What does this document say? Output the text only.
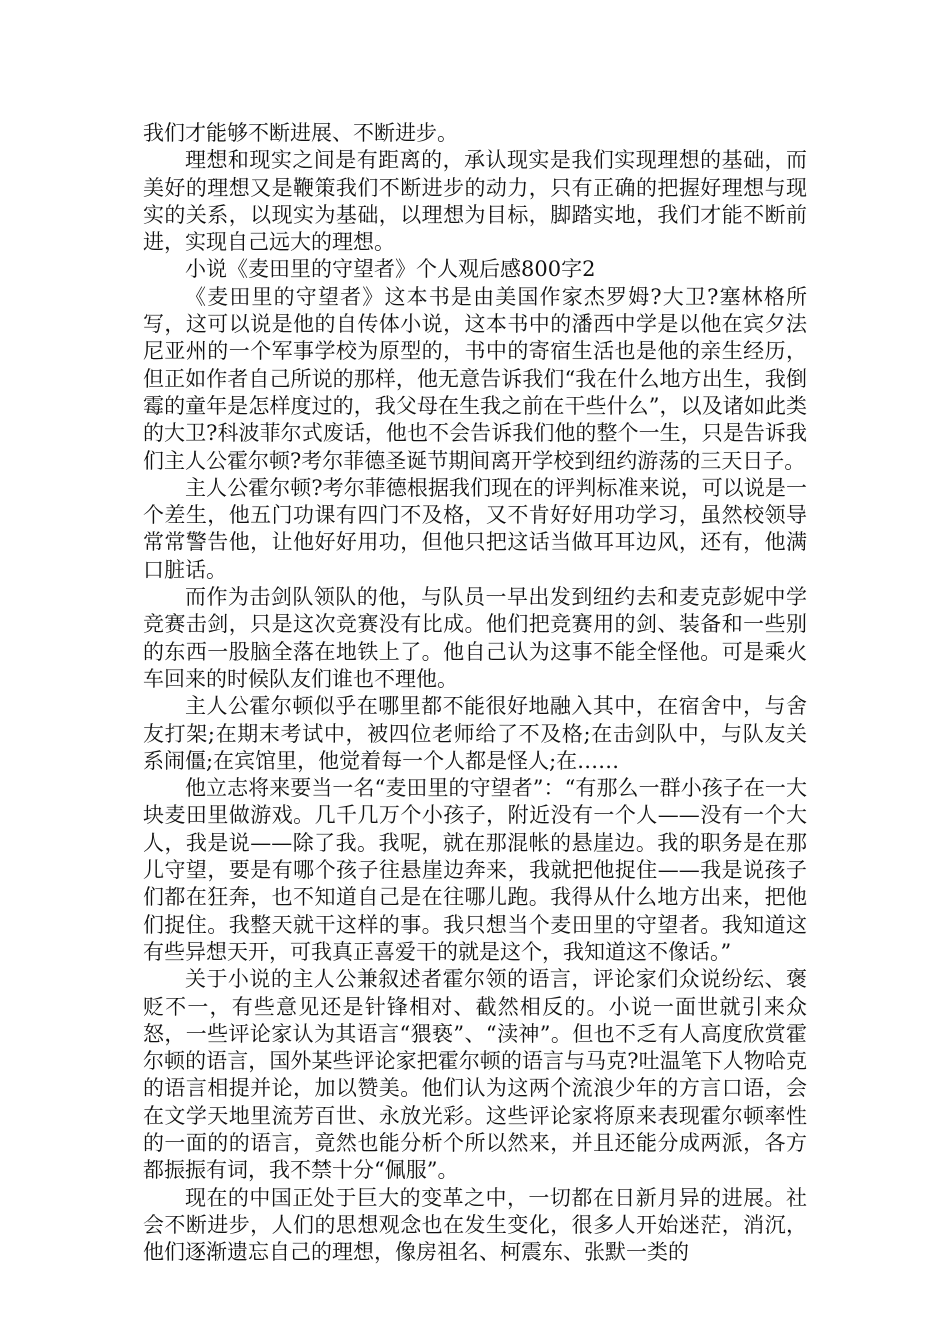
我们才能够不断进展、不断进步。

理想和现实之间是有距离的，承认现实是我们实现理想的基础，而美好的理想又是鞭策我们不断进步的动力，只有正确的把握好理想与现实的关系，以现实为基础，以理想为目标，脚踏实地，我们才能不断前进，实现自己远大的理想。

小说《麦田里的守望者》个人观后感800字2

《麦田里的守望者》这本书是由美国作家杰罗姆?大卫?塞林格所写，这可以说是他的自传体小说，这本书中的潘西中学是以他在宾夕法尼亚州的一个军事学校为原型的，书中的寄宿生活也是他的亲生经历，但正如作者自己所说的那样，他无意告诉我们“我在什么地方出生，我倒霉的童年是怎样度过的，我父母在生我之前在干些什么”，以及诸如此类的大卫?科波菲尔式废话，他也不会告诉我们他的整个一生，只是告诉我们主人公霍尔顿?考尔菲德圣诞节期间离开学校到纽约游荡的三天日子。

主人公霍尔顿?考尔菲德根据我们现在的评判标准来说，可以说是一个差生，他五门功课有四门不及格，又不肯好好用功学习，虽然校领导常常警告他，让他好好用功，但他只把这话当做耳耳边风，还有，他满口脏话。

而作为击剑队领队的他，与队员一早出发到纽约去和麦克彭妮中学竞赛击剑，只是这次竞赛没有比成。他们把竞赛用的剑、装备和一些别的东西一股脑全落在地铁上了。他自己认为这事不能全怪他。可是乘火车回来的时候队友们谁也不理他。

主人公霍尔顿似乎在哪里都不能很好地融入其中，在宿舍中，与舍友打架;在期末考试中，被四位老师给了不及格;在击剑队中，与队友关系闹僵;在宾馆里，他觉着每一个人都是怪人;在……

他立志将来要当一名“麦田里的守望者”：“有那么一群小孩子在一大块麦田里做游戏。几千几万个小孩子，附近没有一个人——没有一个大人，我是说——除了我。我呢，就在那混帐的悬崖边。我的职务是在那儿守望，要是有哪个孩子往悬崖边奔来，我就把他捉住——我是说孩子们都在狂奔，也不知道自己是在往哪儿跑。我得从什么地方出来，把他们捉住。我整天就干这样的事。我只想当个麦田里的守望者。我知道这有些异想天开，可我真正喜爱干的就是这个，我知道这不像话。”

关于小说的主人公兼叙述者霍尔领的语言，评论家们众说纷纭、褒贬不一，有些意见还是针锋相对、截然相反的。小说一面世就引来众怒，一些评论家认为其语言“猥亵”、“渎神”。但也不乏有人高度欣赏霍尔顿的语言，国外某些评论家把霍尔顿的语言与马克?吐温笔下人物哈克的语言相提并论，加以赞美。他们认为这两个流浪少年的方言口语，会在文学天地里流芳百世、永放光彩。这些评论家将原来表现霍尔顿率性的一面的的语言，竟然也能分析个所以然来，并且还能分成两派，各方都振振有词，我不禁十分“佩服”。

现在的中国正处于巨大的变革之中，一切都在日新月异的进展。社会不断进步，人们的思想观念也在发生变化，很多人开始迷茫，消沉，他们逐渐遗忘自己的理想，像房祖名、柯震东、张默一类的
